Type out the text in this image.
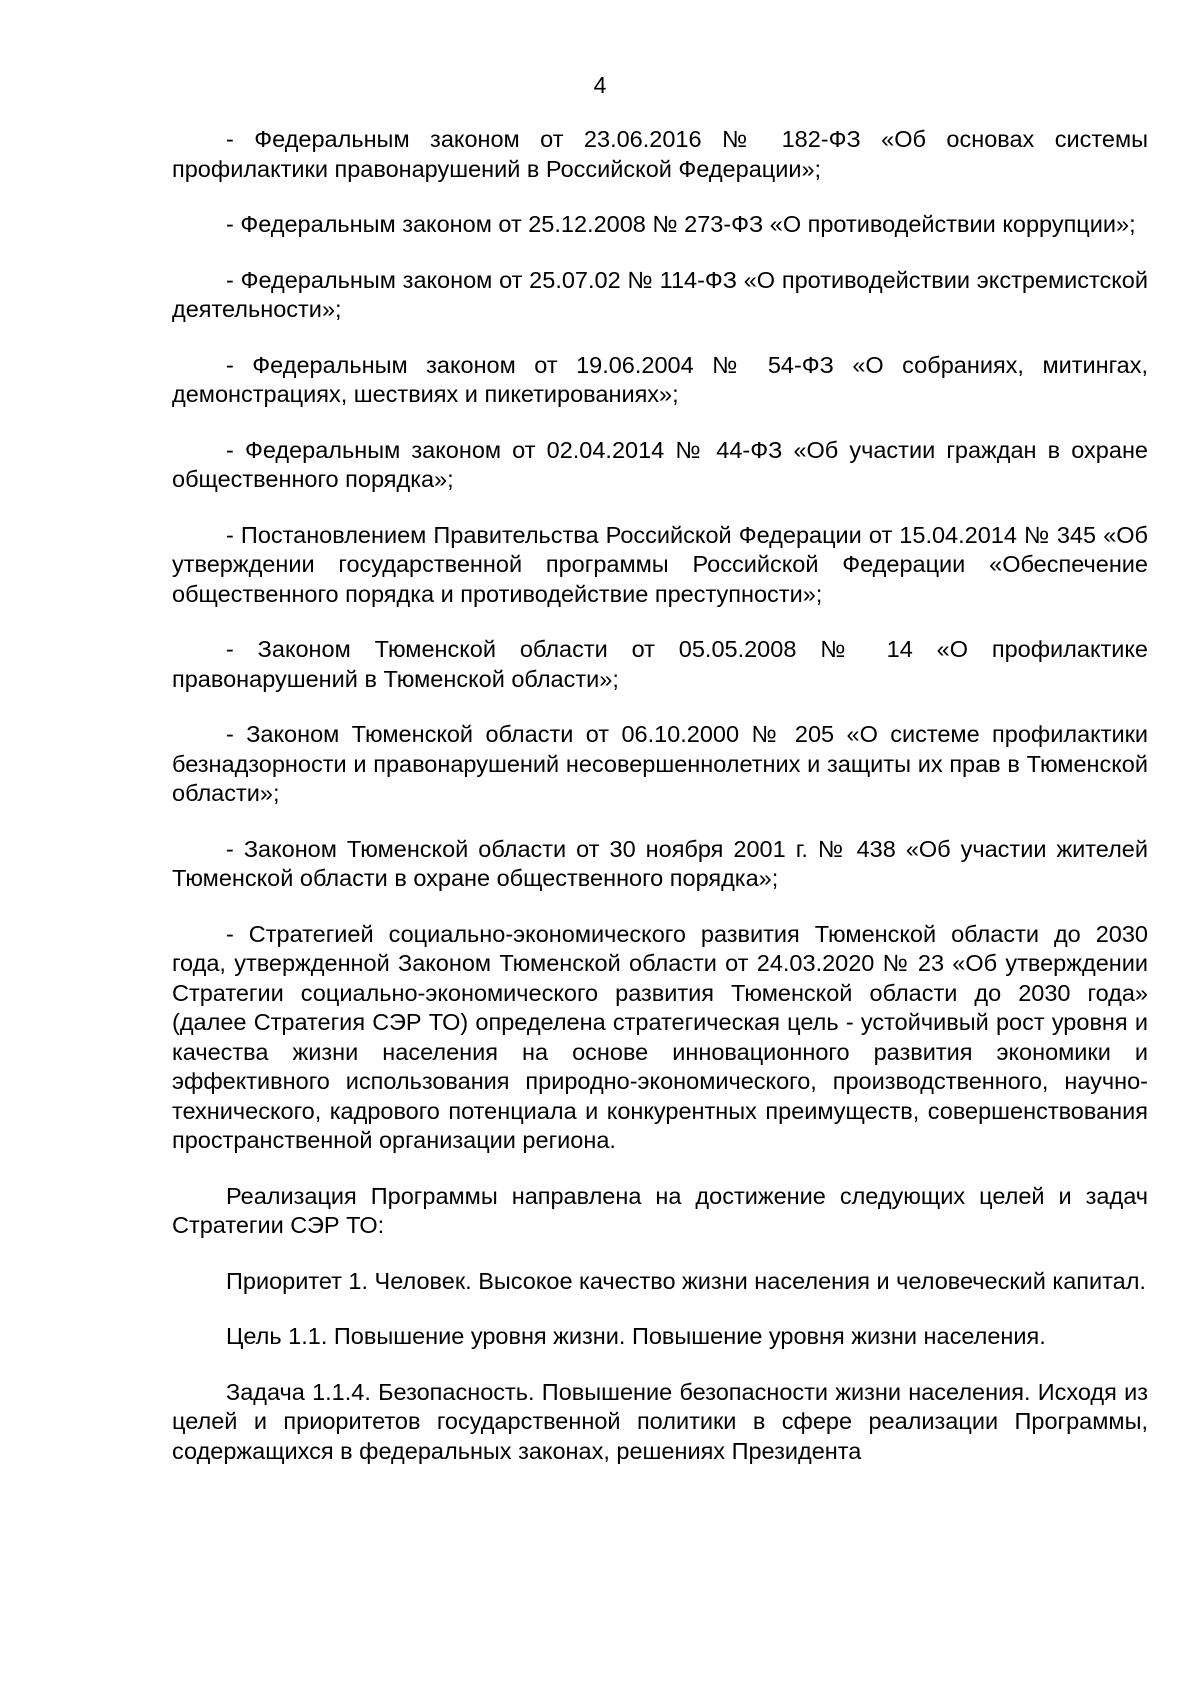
4

- Федеральным законом от 23.06.2016 № 182-ФЗ «Об основах системы профилактики правонарушений в Российской Федерации»;

- Федеральным законом от 25.12.2008 № 273-ФЗ «О противодействии коррупции»;

- Федеральным законом от 25.07.02 № 114-ФЗ «О противодействии экстремистской деятельности»;

- Федеральным законом от 19.06.2004 № 54-ФЗ «О собраниях, митингах, демонстрациях, шествиях и пикетированиях»;

- Федеральным законом от 02.04.2014 № 44-ФЗ «Об участии граждан в охране общественного порядка»;

- Постановлением Правительства Российской Федерации от 15.04.2014 № 345 «Об утверждении государственной программы Российской Федерации «Обеспечение общественного порядка и противодействие преступности»;

- Законом Тюменской области от 05.05.2008 № 14 «О профилактике правонарушений в Тюменской области»;

- Законом Тюменской области от 06.10.2000 № 205 «О системе профилактики безнадзорности и правонарушений несовершеннолетних и защиты их прав в Тюменской области»;

- Законом Тюменской области от 30 ноября 2001 г. № 438 «Об участии жителей Тюменской области в охране общественного порядка»;

- Стратегией социально-экономического развития Тюменской области до 2030 года, утвержденной Законом Тюменской области от 24.03.2020 № 23 «Об утверждении Стратегии социально-экономического развития Тюменской области до 2030 года» (далее Стратегия СЭР ТО) определена стратегическая цель - устойчивый рост уровня и качества жизни населения на основе инновационного развития экономики и эффективного использования природно-экономического, производственного, научно-технического, кадрового потенциала и конкурентных преимуществ, совершенствования пространственной организации региона.

Реализация Программы направлена на достижение следующих целей и задач Стратегии СЭР ТО:

Приоритет 1. Человек. Высокое качество жизни населения и человеческий капитал.

Цель 1.1. Повышение уровня жизни. Повышение уровня жизни населения.

Задача 1.1.4. Безопасность. Повышение безопасности жизни населения. Исходя из целей и приоритетов государственной политики в сфере реализации Программы, содержащихся в федеральных законах, решениях Президента
